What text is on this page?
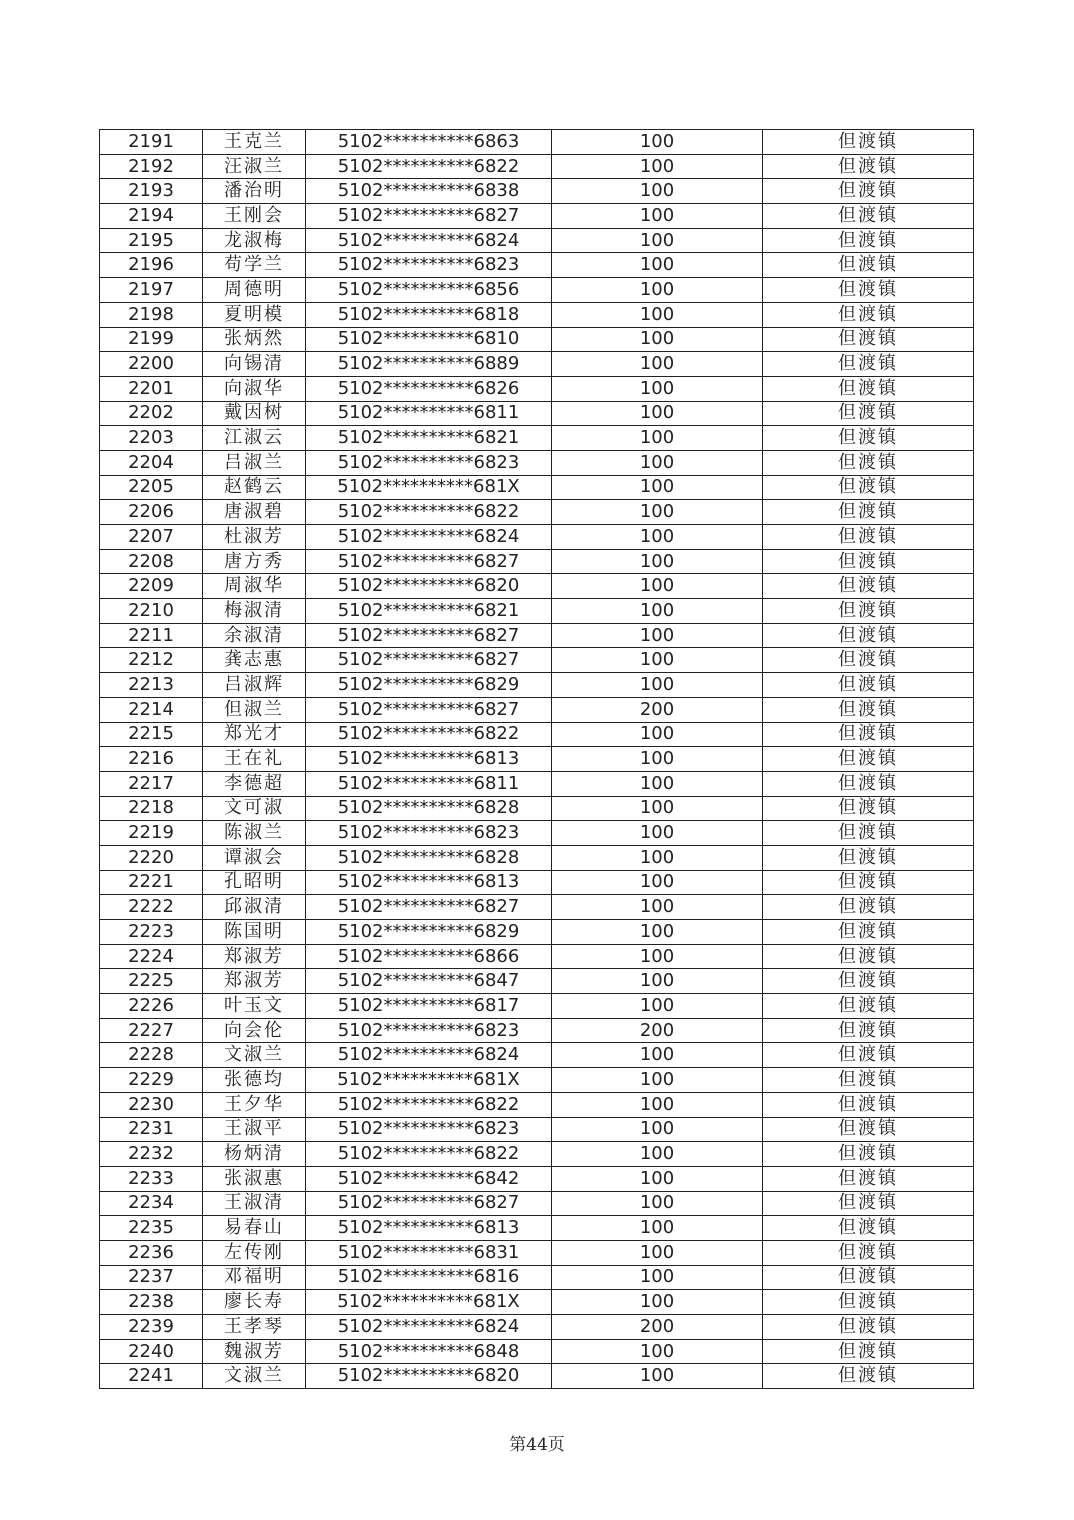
2191	王克兰	5102**********6863	100	但渡镇
2192	汪淑兰	5102**********6822	100	但渡镇
2193	潘治明	5102**********6838	100	但渡镇
2194	王刚会	5102**********6827	100	但渡镇
2195	龙淑梅	5102**********6824	100	但渡镇
2196	苟学兰	5102**********6823	100	但渡镇
2197	周德明	5102**********6856	100	但渡镇
2198	夏明模	5102**********6818	100	但渡镇
2199	张炳然	5102**********6810	100	但渡镇
2200	向锡清	5102**********6889	100	但渡镇
2201	向淑华	5102**********6826	100	但渡镇
2202	戴因树	5102**********6811	100	但渡镇
2203	江淑云	5102**********6821	100	但渡镇
2204	吕淑兰	5102**********6823	100	但渡镇
2205	赵鹤云	5102**********681X	100	但渡镇
2206	唐淑碧	5102**********6822	100	但渡镇
2207	杜淑芳	5102**********6824	100	但渡镇
2208	唐方秀	5102**********6827	100	但渡镇
2209	周淑华	5102**********6820	100	但渡镇
2210	梅淑清	5102**********6821	100	但渡镇
2211	余淑清	5102**********6827	100	但渡镇
2212	龚志惠	5102**********6827	100	但渡镇
2213	吕淑辉	5102**********6829	100	但渡镇
2214	但淑兰	5102**********6827	200	但渡镇
2215	郑光才	5102**********6822	100	但渡镇
2216	王在礼	5102**********6813	100	但渡镇
2217	李德超	5102**********6811	100	但渡镇
2218	文可淑	5102**********6828	100	但渡镇
2219	陈淑兰	5102**********6823	100	但渡镇
2220	谭淑会	5102**********6828	100	但渡镇
2221	孔昭明	5102**********6813	100	但渡镇
2222	邱淑清	5102**********6827	100	但渡镇
2223	陈国明	5102**********6829	100	但渡镇
2224	郑淑芳	5102**********6866	100	但渡镇
2225	郑淑芳	5102**********6847	100	但渡镇
2226	叶玉文	5102**********6817	100	但渡镇
2227	向会伦	5102**********6823	200	但渡镇
2228	文淑兰	5102**********6824	100	但渡镇
2229	张德均	5102**********681X	100	但渡镇
2230	王夕华	5102**********6822	100	但渡镇
2231	王淑平	5102**********6823	100	但渡镇
2232	杨炳清	5102**********6822	100	但渡镇
2233	张淑惠	5102**********6842	100	但渡镇
2234	王淑清	5102**********6827	100	但渡镇
2235	易春山	5102**********6813	100	但渡镇
2236	左传刚	5102**********6831	100	但渡镇
2237	邓福明	5102**********6816	100	但渡镇
2238	廖长寿	5102**********681X	100	但渡镇
2239	王孝琴	5102**********6824	200	但渡镇
2240	魏淑芳	5102**********6848	100	但渡镇
2241	文淑兰	5102**********6820	100	但渡镇
第44页
